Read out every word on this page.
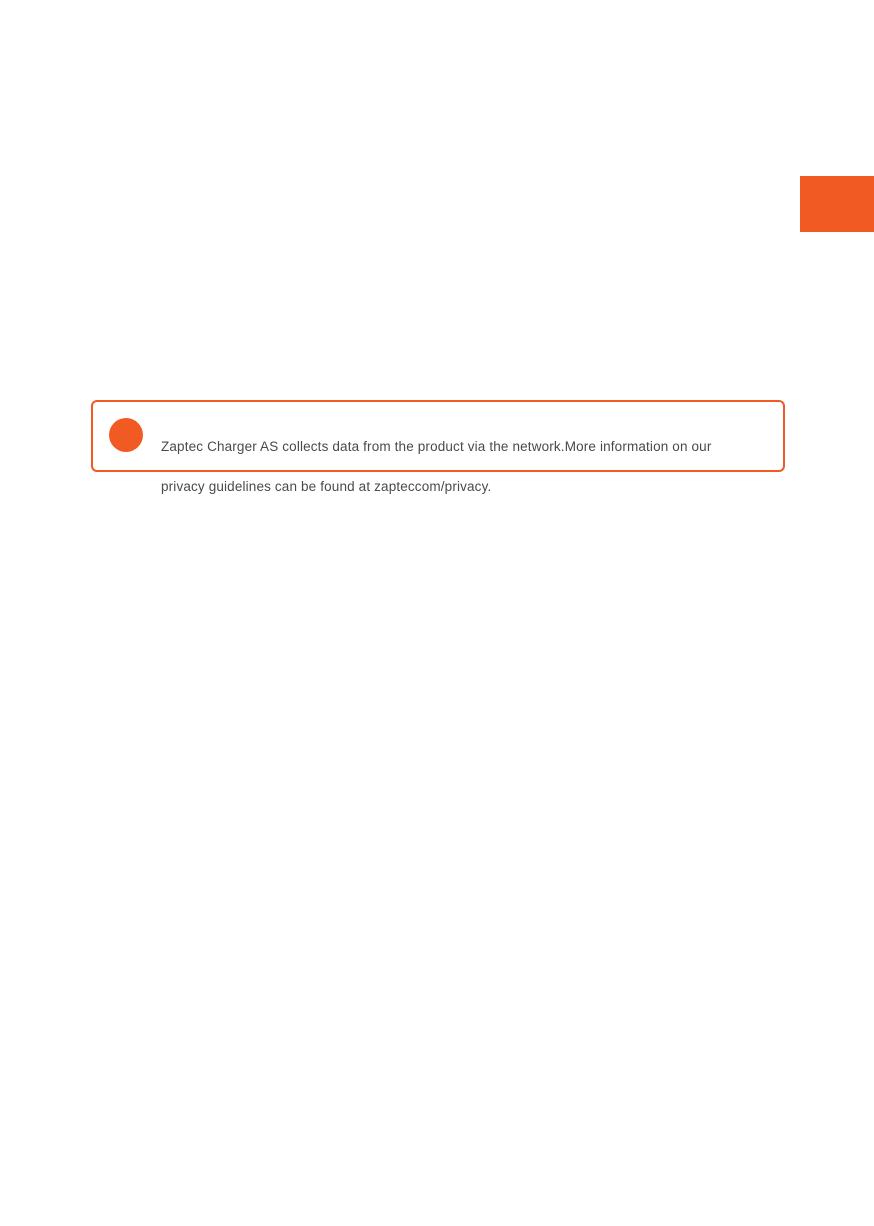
Zaptec Charger AS collects data from the product via the network.More information on our

privacy guidelines can be found at zapteccom/privacy.
